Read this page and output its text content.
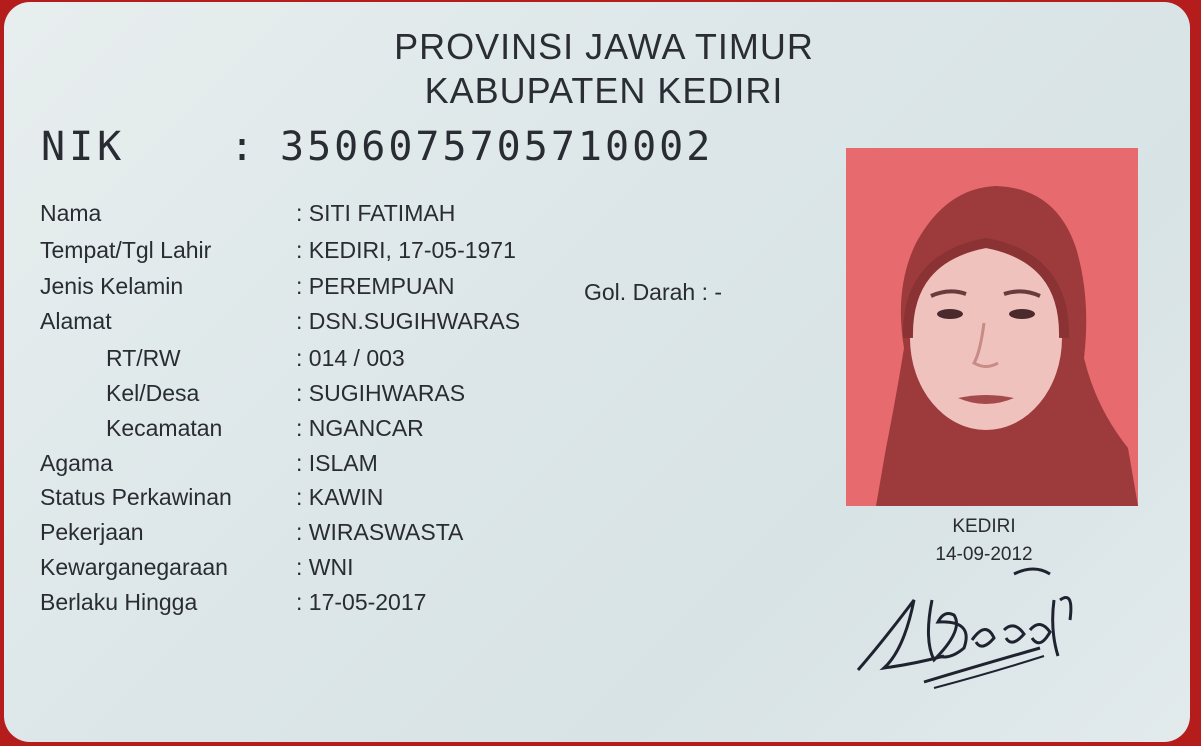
PROVINSI JAWA TIMUR
KABUPATEN KEDIRI
NIK	: 3506075705710002
Nama	: SITI FATIMAH
Tempat/Tgl Lahir	: KEDIRI, 17-05-1971
Jenis Kelamin	: PEREMPUAN	Gol. Darah : -
Alamat	: DSN.SUGIHWARAS
RT/RW	: 014 / 003
Kel/Desa	: SUGIHWARAS
Kecamatan	: NGANCAR
Agama	: ISLAM
Status Perkawinan	: KAWIN
Pekerjaan	: WIRASWASTA
Kewarganegaraan	: WNI
Berlaku Hingga	: 17-05-2017
KEDIRI
14-09-2012
